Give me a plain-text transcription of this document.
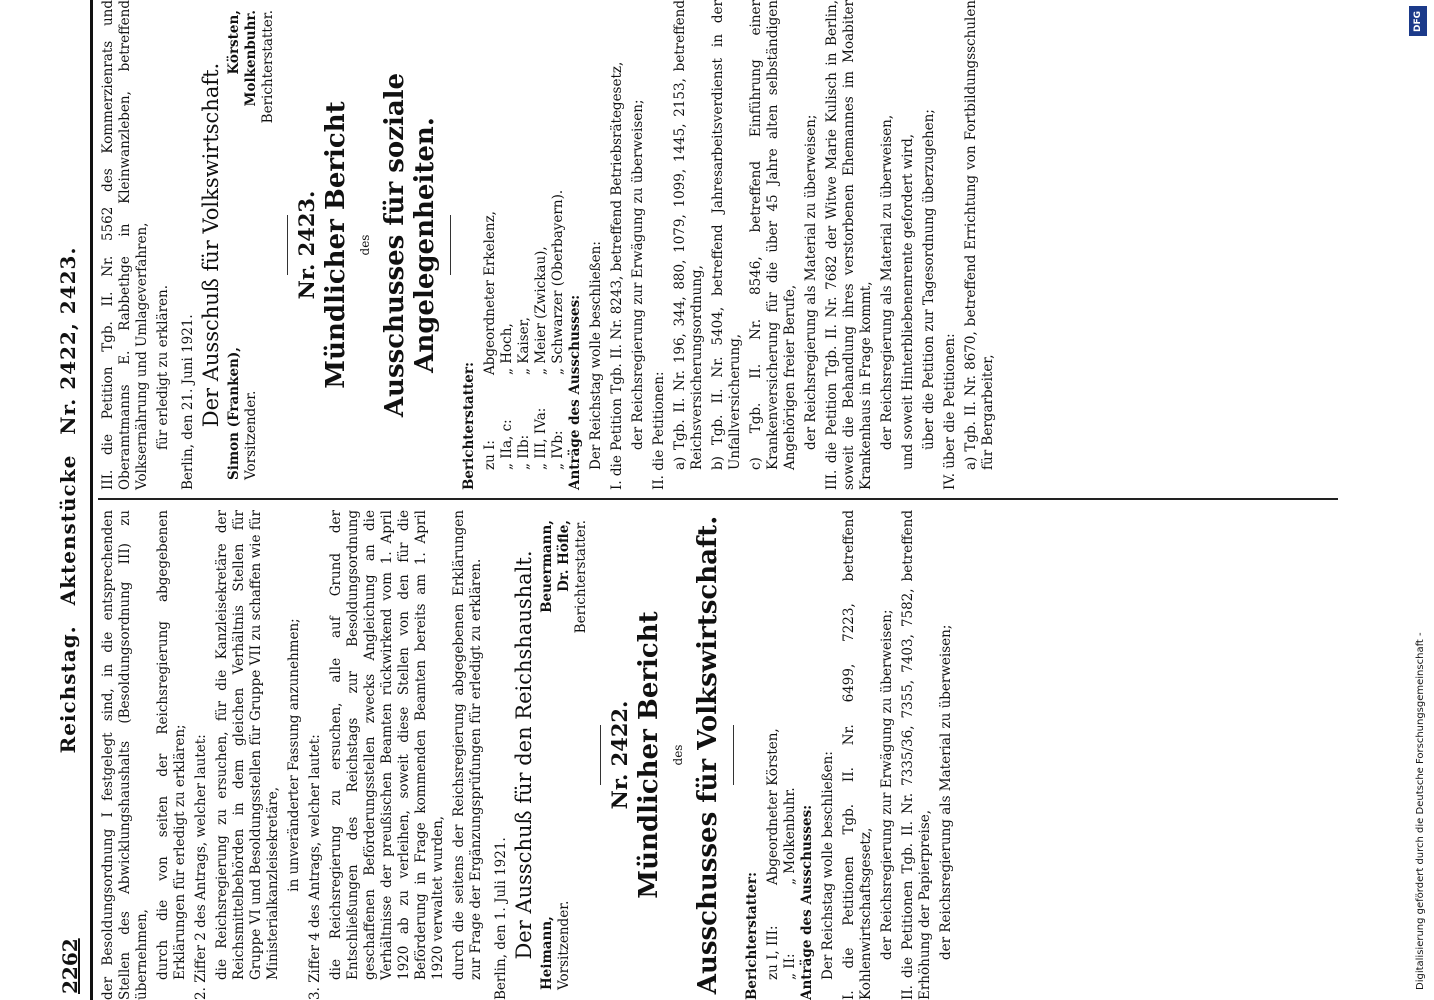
2262
Reichstag. Aktenstücke Nr. 2422, 2423.

der Besoldungsordnung I festgelegt sind, in die entsprechenden Stellen des Abwicklungshaushalts (Besoldungsordnung III) zu übernehmen, durch die von seiten der Reichsregierung abgegebenen Erklärungen für erledigt zu erklären; 2. Ziffer 2 des Antrags, welcher lautet: die Reichsregierung zu ersuchen, für die Kanzleisekretäre der Reichsmittelbehörden in dem gleichen Verhältnis Stellen für Gruppe VI und Besoldungsstellen für Gruppe VII zu schaffen wie für Ministerialkanzleisekretäre, in unveränderter Fassung anzunehmen; 3. Ziffer 4 des Antrags, welcher lautet: die Reichsregierung zu ersuchen, alle auf Grund der Entschließungen des Reichstags zur Besoldungsordnung geschaffenen Beförderungsstellen zwecks Angleichung an die Verhältnisse der preußischen Beamten rückwirkend vom 1. April 1920 ab zu verleihen, soweit diese Stellen von den für die Beförderung in Frage kommenden Beamten bereits am 1. April 1920 verwaltet wurden, durch die seitens der Reichsregierung abgegebenen Erklärungen zur Frage der Ergänzungsprüfungen für erledigt zu erklären. Berlin, den 1. Juli 1921. Der Ausschuß für den Reichshaushalt. Heimann, Vorsitzender.
Beuermann, Dr. Höfle, Berichterstatter.
Nr. 2422. Mündlicher Bericht des Ausschusses für Volkswirtschaft. Berichterstatter: zu I, III:
Abgeordneter Körsten,
„ II:
„ Molkenbuhr. Anträge des Ausschusses: Der Reichstag wolle beschließen: I. die Petitionen Tgb. II. Nr. 6499, 7223, betreffend Kohlenwirtschaftsgesetz, der Reichsregierung zur Erwägung zu überweisen; II. die Petitionen Tgb. II. Nr. 7335/36, 7355, 7403, 7582, betreffend Erhöhung der Papierpreise, der Reichsregierung als Material zu überweisen;

III. die Petition Tgb. II. Nr. 5562 des Kommerzienrats und Oberamtmanns E. Rabbethge in Kleinwanzleben, betreffend Volksernährung und Umlageverfahren, für erledigt zu erklären. Berlin, den 21. Juni 1921. Der Ausschuß für Volkswirtschaft. Simon (Franken), Vorsitzender.
Körsten, Molkenbuhr. Berichterstatter.
Nr. 2423. Mündlicher Bericht des Ausschusses für soziale Angelegenheiten.

Berichterstatter: zu I:
Abgeordneter Erkelenz,
„ IIa, c:
„ Hoch,
„ IIb:
„ Kaiser,
„ III, IVa:
„ Meier (Zwickau),
„ IVb:
„ Schwarzer (Oberbayern).

Anträge des Ausschusses: Der Reichstag wolle beschließen: I. die Petition Tgb. II. Nr. 8243, betreffend Betriebsrätegesetz, der Reichsregierung zur Erwägung zu überweisen; II. die Petitionen: a) Tgb. II. Nr. 196, 344, 880, 1079, 1099, 1445, 2153, betreffend Reichsversicherungsordnung, b) Tgb. II. Nr. 5404, betreffend Jahresarbeitsverdienst in der Unfallversicherung, c) Tgb. II. Nr. 8546, betreffend Einführung einer Krankenversicherung für die über 45 Jahre alten selbständigen Angehörigen freier Berufe, der Reichsregierung als Material zu überweisen; III. die Petition Tgb. II. Nr. 7682 der Witwe Marie Kulisch in Berlin, soweit die Behandlung ihres verstorbenen Ehemannes im Moabiter Krankenhaus in Frage kommt, der Reichsregierung als Material zu überweisen, und soweit Hinterbliebenenrente gefordert wird, über die Petition zur Tagesordnung überzugehen; IV. über die Petitionen: a) Tgb. II. Nr. 8670, betreffend Errichtung von Fortbildungsschulen für Bergarbeiter,

DFG
Digitalisierung gefördert durch die Deutsche Forschungsgemeinschaft -
